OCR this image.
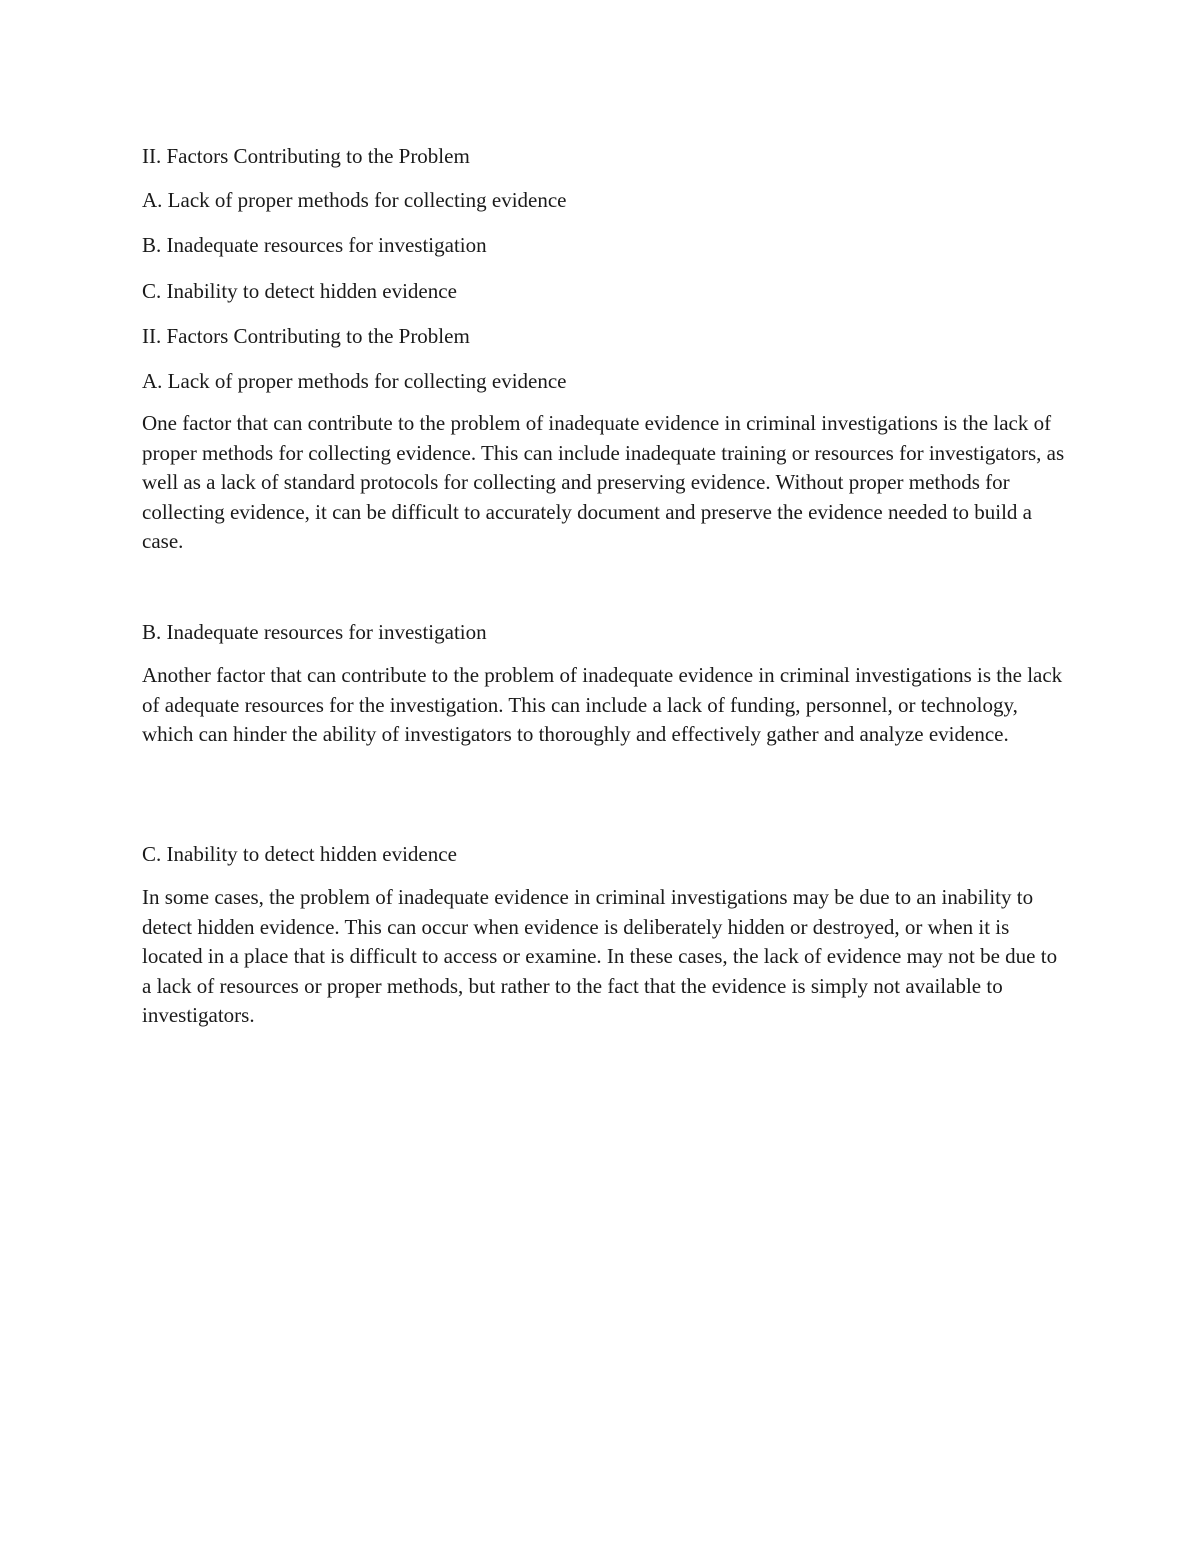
II. Factors Contributing to the Problem

A. Lack of proper methods for collecting evidence

B. Inadequate resources for investigation

C. Inability to detect hidden evidence

II. Factors Contributing to the Problem

A. Lack of proper methods for collecting evidence

One factor that can contribute to the problem of inadequate evidence in criminal investigations is the lack of proper methods for collecting evidence. This can include inadequate training or resources for investigators, as well as a lack of standard protocols for collecting and preserving evidence. Without proper methods for collecting evidence, it can be difficult to accurately document and preserve the evidence needed to build a case.

B. Inadequate resources for investigation

Another factor that can contribute to the problem of inadequate evidence in criminal investigations is the lack of adequate resources for the investigation. This can include a lack of funding, personnel, or technology, which can hinder the ability of investigators to thoroughly and effectively gather and analyze evidence.

C. Inability to detect hidden evidence

In some cases, the problem of inadequate evidence in criminal investigations may be due to an inability to detect hidden evidence. This can occur when evidence is deliberately hidden or destroyed, or when it is located in a place that is difficult to access or examine. In these cases, the lack of evidence may not be due to a lack of resources or proper methods, but rather to the fact that the evidence is simply not available to investigators.
